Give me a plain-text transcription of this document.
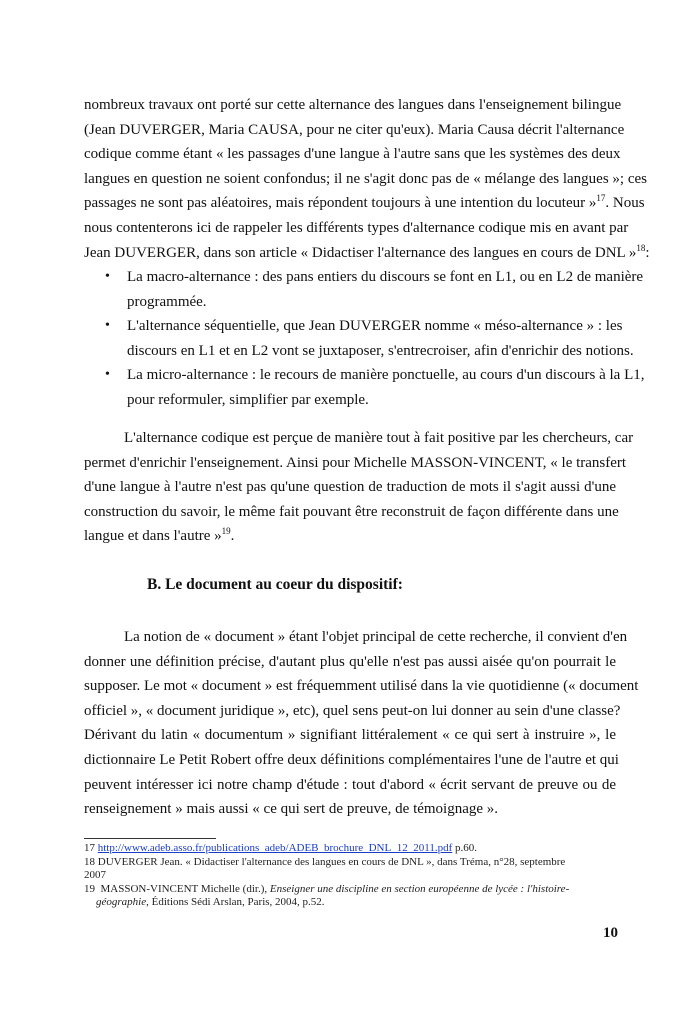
nombreux travaux ont porté sur cette alternance des langues dans l'enseignement bilingue
(Jean DUVERGER, Maria CAUSA, pour ne citer qu'eux). Maria Causa décrit l'alternance
codique comme étant « les passages d'une langue à l'autre sans que les systèmes des deux
langues en question ne soient confondus; il ne s'agit donc pas de « mélange des langues »; ces
passages ne sont pas aléatoires, mais répondent toujours à une intention du locuteur »$^{17}$. Nous
nous contenterons ici de rappeler les différents types d'alternance codique mis en avant par
Jean DUVERGER, dans son article « Didactiser l'alternance des langues en cours de DNL »$^{18}$:
• La macro-alternance : des pans entiers du discours se font en L1, ou en L2 de manière
programmée.
• L'alternance séquentielle, que Jean DUVERGER nomme « méso-alternance » : les
discours en L1 et en L2 vont se juxtaposer, s'entrecroiser, afin d'enrichir des notions.
• La micro-alternance : le recours de manière ponctuelle, au cours d'un discours à la L1,
pour reformuler, simplifier par exemple.
L'alternance codique est perçue de manière tout à fait positive par les chercheurs, car
permet d'enrichir l'enseignement. Ainsi pour Michelle MASSON-VINCENT, « le transfert
d'une langue à l'autre n'est pas qu'une question de traduction de mots il s'agit aussi d'une
construction du savoir, le même fait pouvant être reconstruit de façon différente dans une
langue et dans l'autre »$^{19}$.
B. Le document au coeur du dispositif:
La notion de « document » étant l'objet principal de cette recherche, il convient d'en
donner une définition précise, d'autant plus qu'elle n'est pas aussi aisée qu'on pourrait le
supposer. Le mot « document » est fréquemment utilisé dans la vie quotidienne (« document
officiel », « document juridique », etc), quel sens peut-on lui donner au sein d'une classe?
Dérivant du latin « documentum » signifiant littéralement « ce qui sert à instruire », le
dictionnaire Le Petit Robert offre deux définitions complémentaires l'une de l'autre et qui
peuvent intéresser ici notre champ d'étude : tout d'abord « écrit servant de preuve ou de
renseignement » mais aussi « ce qui sert de preuve, de témoignage ».
17 http://www.adeb.asso.fr/publications_adeb/ADEB_brochure_DNL_12_2011.pdf p.60.
18 DUVERGER Jean. « Didactiser l'alternance des langues en cours de DNL », dans Tréma, n°28, septembre
2007
19 MASSON-VINCENT Michelle (dir.), Enseigner une discipline en section européenne de lycée : l'histoire-
géographie, Éditions Sédi Arslan, Paris, 2004, p.52.
10
